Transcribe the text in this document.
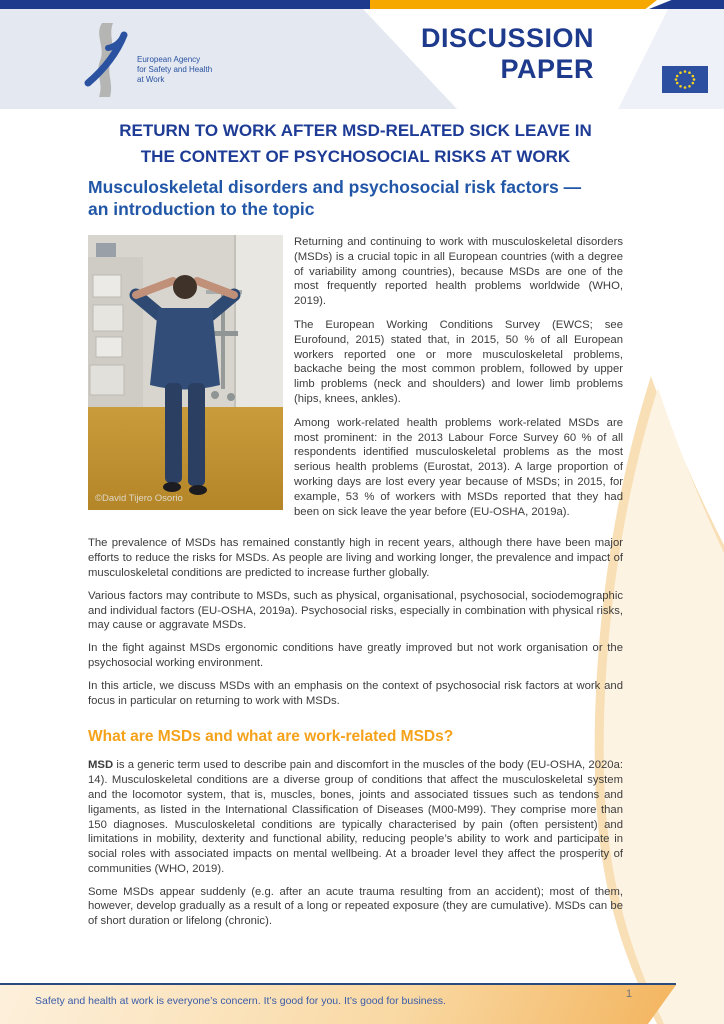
European Agency
for Safety and Health
at Work
DISCUSSION
PAPER
RETURN TO WORK AFTER MSD-RELATED SICK LEAVE IN
THE CONTEXT OF PSYCHOSOCIAL RISKS AT WORK
Musculoskeletal disorders and psychosocial risk factors —
an introduction to the topic
©David Tijero Osorio

Returning and continuing to work with musculoskeletal disorders (MSDs) is a crucial topic in all European countries (with a degree of variability among countries), because MSDs are one of the most frequently reported health problems worldwide (WHO, 2019).

The European Working Conditions Survey (EWCS; see Eurofound, 2015) stated that, in 2015, 50 % of all European workers reported one or more musculoskeletal problems, backache being the most common problem, followed by upper limb problems (neck and shoulders) and lower limb problems (hips, knees, ankles).

Among work-related health problems work-related MSDs are most prominent: in the 2013 Labour Force Survey 60 % of all respondents identified musculoskeletal problems as the most serious health problems (Eurostat, 2013). A large proportion of working days are lost every year because of MSDs; in 2015, for example, 53 % of workers with MSDs reported that they had been on sick leave the year before (EU-OSHA, 2019a).

The prevalence of MSDs has remained constantly high in recent years, although there have been major efforts to reduce the risks for MSDs. As people are living and working longer, the prevalence and impact of musculoskeletal conditions are predicted to increase further globally.

Various factors may contribute to MSDs, such as physical, organisational, psychosocial, sociodemographic and individual factors (EU-OSHA, 2019a). Psychosocial risks, especially in combination with physical risks, may cause or aggravate MSDs.

In the fight against MSDs ergonomic conditions have greatly improved but not work organisation or the psychosocial working environment.

In this article, we discuss MSDs with an emphasis on the context of psychosocial risk factors at work and focus in particular on returning to work with MSDs.

What are MSDs and what are work-related MSDs?

MSD is a generic term used to describe pain and discomfort in the muscles of the body (EU-OSHA, 2020a: 14). Musculoskeletal conditions are a diverse group of conditions that affect the musculoskeletal system and the locomotor system, that is, muscles, bones, joints and associated tissues such as tendons and ligaments, as listed in the International Classification of Diseases (M00-M99). They comprise more than 150 diagnoses. Musculoskeletal conditions are typically characterised by pain (often persistent) and limitations in mobility, dexterity and functional ability, reducing people’s ability to work and participate in social roles with associated impacts on mental wellbeing. At a broader level they affect the prosperity of communities (WHO, 2019).

Some MSDs appear suddenly (e.g. after an acute trauma resulting from an accident); most of them, however, develop gradually as a result of a long or repeated exposure (they are cumulative). MSDs can be of short duration or lifelong (chronic).

Safety and health at work is everyone’s concern. It’s good for you. It’s good for business.
1
